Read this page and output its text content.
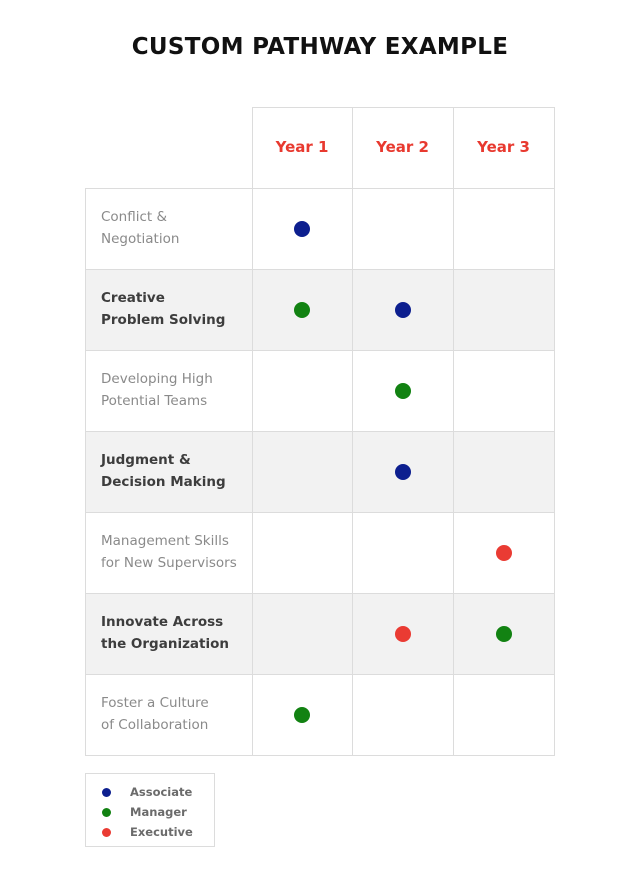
CUSTOM PATHWAY EXAMPLE
Year 1	Year 2	Year 3
Conflict &
Negotiation
Creative
Problem Solving
Developing High
Potential Teams
Judgment &
Decision Making
Management Skills
for New Supervisors
Innovate Across
the Organization
Foster a Culture
of Collaboration
Associate
Manager
Executive
